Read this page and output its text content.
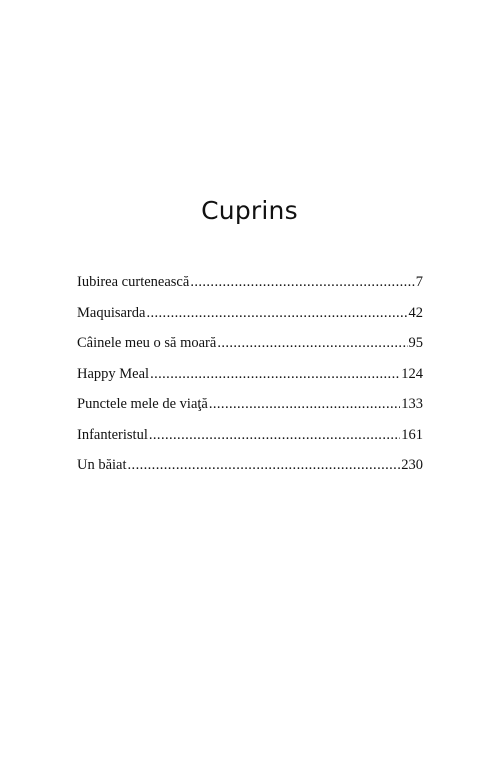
Cuprins
Iubirea curtenească .....	7
Maquisarda .....	42
Câinele meu o să moară .....	95
Happy Meal .....	124
Punctele mele de viaţă .....	133
Infanteristul .....	161
Un băiat .....	230
